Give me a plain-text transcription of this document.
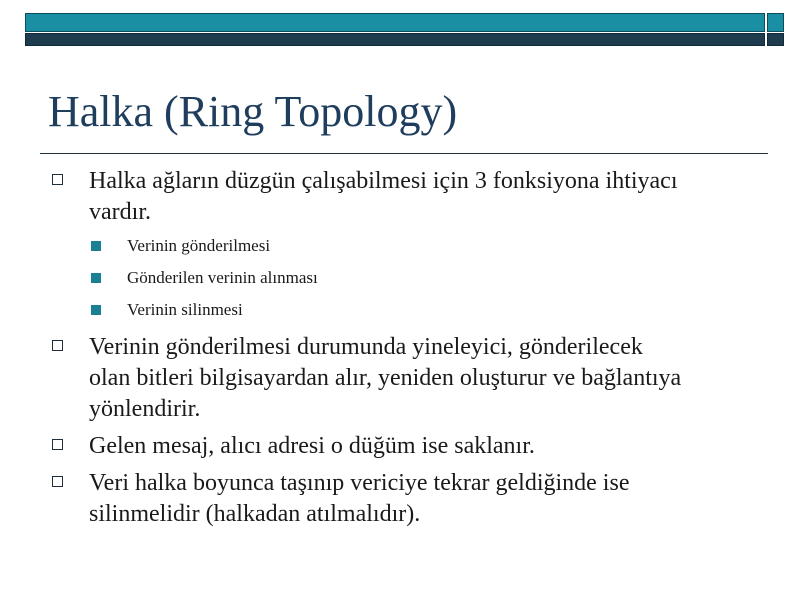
Halka (Ring Topology)
Halka ağların düzgün çalışabilmesi için 3 fonksiyona ihtiyacı vardır.
Verinin gönderilmesi
Gönderilen verinin alınması
Verinin silinmesi
Verinin gönderilmesi durumunda yineleyici, gönderilecek olan bitleri bilgisayardan alır, yeniden oluşturur ve bağlantıya yönlendirir.
Gelen mesaj, alıcı adresi o düğüm ise saklanır.
Veri halka boyunca taşınıp vericiye tekrar geldiğinde ise silinmelidir (halkadan atılmalıdır).
